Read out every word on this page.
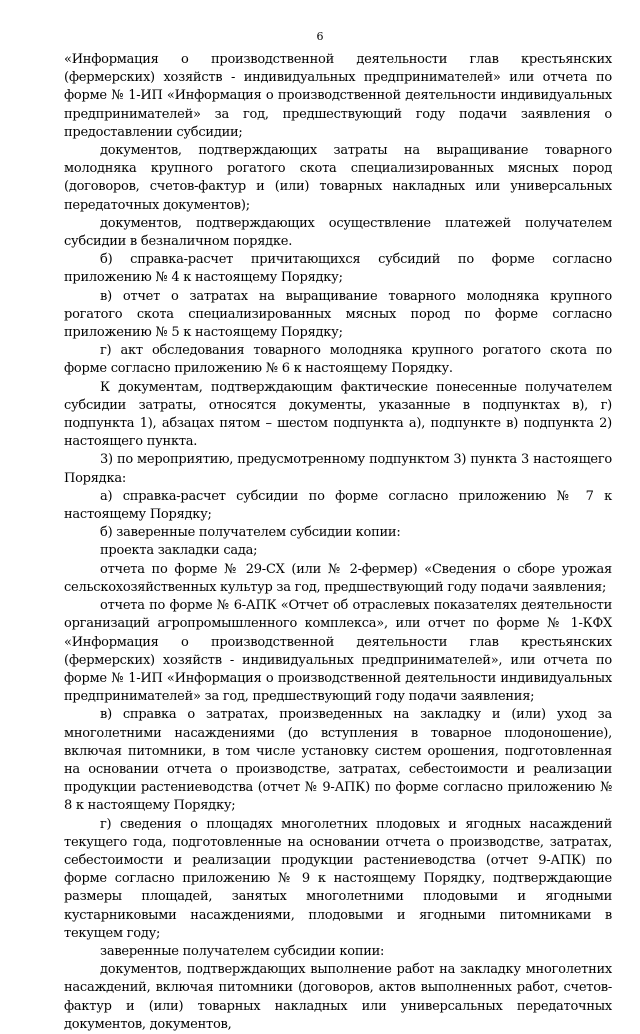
6

«Информация о производственной деятельности глав крестьянских (фермерских) хозяйств - индивидуальных предпринимателей» или отчета по форме № 1-ИП «Информация о производственной деятельности индивидуальных предпринимателей» за год, предшествующий году подачи заявления о предоставлении субсидии;

документов, подтверждающих затраты на выращивание товарного молодняка крупного рогатого скота специализированных мясных пород (договоров, счетов-фактур и (или) товарных накладных или универсальных передаточных документов);

документов, подтверждающих осуществление платежей получателем субсидии в безналичном порядке.

б) справка-расчет причитающихся субсидий по форме согласно приложению № 4 к настоящему Порядку;

в) отчет о затратах на выращивание товарного молодняка крупного рогатого скота специализированных мясных пород по форме согласно приложению № 5 к настоящему Порядку;

г) акт обследования товарного молодняка крупного рогатого скота по форме согласно приложению № 6 к настоящему Порядку.

К документам, подтверждающим фактические понесенные получателем субсидии затраты, относятся документы, указанные в подпунктах в), г) подпункта 1), абзацах пятом – шестом подпункта а), подпункте в) подпункта 2) настоящего пункта.

3) по мероприятию, предусмотренному подпунктом 3) пункта 3 настоящего Порядка:

а) справка-расчет субсидии по форме согласно приложению № 7 к настоящему Порядку;

б) заверенные получателем субсидии копии:

проекта закладки сада;

отчета по форме № 29-СХ (или № 2-фермер) «Сведения о сборе урожая сельскохозяйственных культур за год, предшествующий году подачи заявления;

отчета по форме № 6-АПК «Отчет об отраслевых показателях деятельности организаций агропромышленного комплекса», или отчет по форме № 1-КФХ «Информация о производственной деятельности глав крестьянских (фермерских) хозяйств - индивидуальных предпринимателей», или отчета по форме № 1-ИП «Информация о производственной деятельности индивидуальных предпринимателей» за год, предшествующий году подачи заявления;

в) справка о затратах, произведенных на закладку и (или) уход за многолетними насаждениями (до вступления в товарное плодоношение), включая питомники, в том числе установку систем орошения, подготовленная на основании отчета о производстве, затратах, себестоимости и реализации продукции растениеводства (отчет № 9-АПК) по форме согласно приложению № 8 к настоящему Порядку;

г) сведения о площадях многолетних плодовых и ягодных насаждений текущего года, подготовленные на основании отчета о производстве, затратах, себестоимости и реализации продукции растениеводства (отчет 9-АПК) по форме согласно приложению № 9 к настоящему Порядку, подтверждающие размеры площадей, занятых многолетними плодовыми и ягодными кустарниковыми насаждениями, плодовыми и ягодными питомниками в текущем году;

заверенные получателем субсидии копии:

документов, подтверждающих выполнение работ на закладку многолетних насаждений, включая питомники (договоров, актов выполненных работ, счетов-фактур и (или) товарных накладных или универсальных передаточных документов, документов,
